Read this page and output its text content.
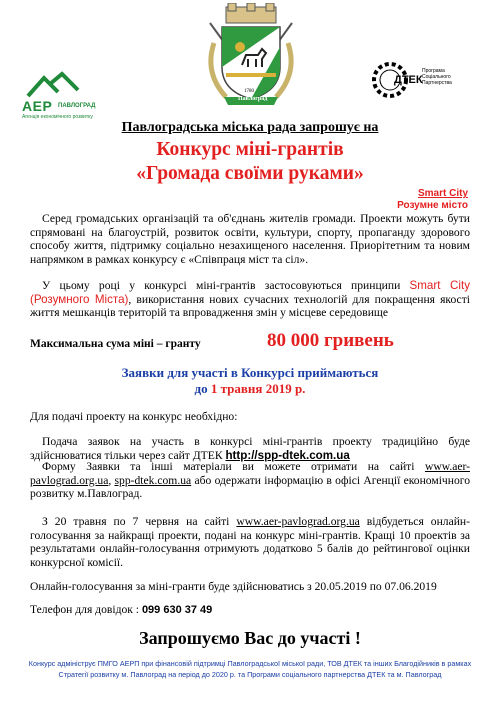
АЕР ПАВЛОГРАД
Агенція економічного розвитку
Павлоград
1780
ДТЕК
Програма Соціального Партнерства
Павлоградська міська рада запрошує на
Конкурс міні-грантів
«Громада своїми руками»
Smart City
Розумне місто

Серед громадських організацій та об'єднань жителів громади. Проекти можуть бути спрямовані на благоустрій, розвиток освіти, культури, спорту, пропаганду здорового способу життя, підтримку соціально незахищеного населення. Приорітетним та новим напрямком в рамках конкурсу є «Співпраця міст та сіл».

У цьому році у конкурсі міні-грантів застосовуються принципи Smart City (Розумного Міста), використання нових сучасних технологій для покращення якості життя мешканців територій та впровадження змін у місцеве середовище

Максимальна сума міні – гранту	80 000 гривень
Заявки для участі в Конкурсі приймаються
до 1 травня 2019 р.
Для подачі проекту на конкурс необхідно:

Подача заявок на участь в конкурсі міні-грантів проекту традиційно буде здійснюватися тільки через сайт ДТЕК http://spp-dtek.com.ua

Форму Заявки та інші матеріали ви можете отримати на сайті www.aer-pavlograd.org.ua, spp-dtek.com.ua або одержати інформацію в офісі Агенції економічного розвитку м.Павлоград.

З 20 травня по 7 червня на сайті www.aer-pavlograd.org.ua відбудеться онлайн-голосування за найкращі проекти, подані на конкурс міні-грантів. Кращі 10 проектів за результатами онлайн-голосування отримують додатково 5 балів до рейтингової оцінки конкурсної комісії.

Онлайн-голосування за міні-гранти буде здійснюватись з 20.05.2019 по 07.06.2019
Телефон для довідок : 099 630 37 49
Запрошуємо Вас до участі !
Конкурс адмініструє ПМГО АЕРП при фінансовій підтримці Павлоградської міської ради, ТОВ ДТЕК та інших Благодійників в рамках Стратегії розвитку м. Павлоград на період до 2020 р. та Програми соціального партнерства ДТЕК та м. Павлоград
